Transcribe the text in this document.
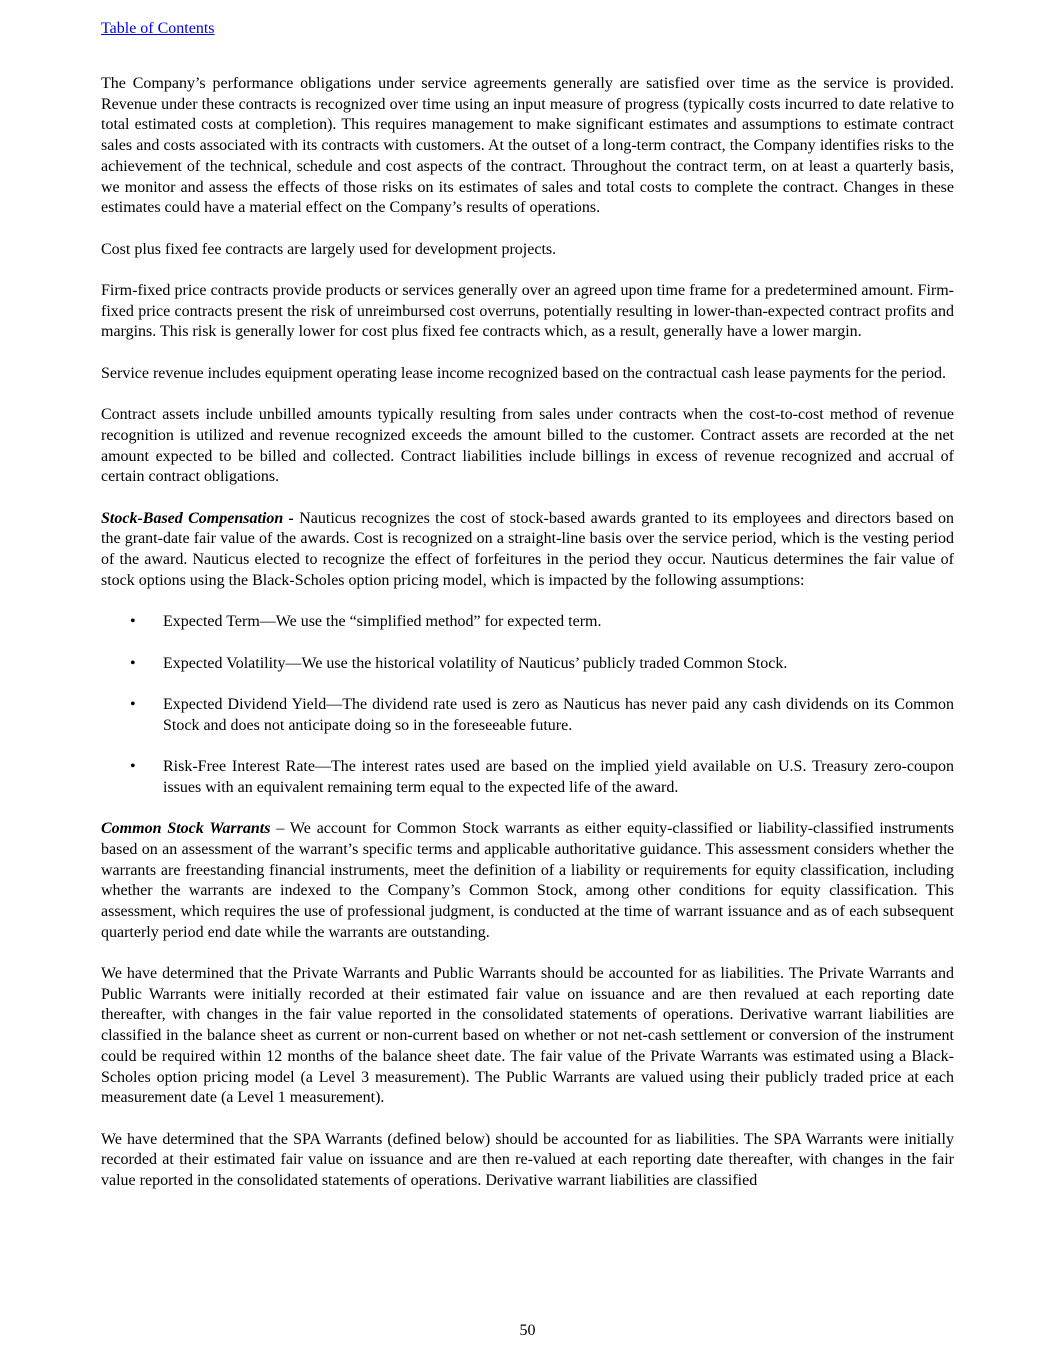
Table of Contents

The Company’s performance obligations under service agreements generally are satisfied over time as the service is provided. Revenue under these contracts is recognized over time using an input measure of progress (typically costs incurred to date relative to total estimated costs at completion). This requires management to make significant estimates and assumptions to estimate contract sales and costs associated with its contracts with customers. At the outset of a long-term contract, the Company identifies risks to the achievement of the technical, schedule and cost aspects of the contract. Throughout the contract term, on at least a quarterly basis, we monitor and assess the effects of those risks on its estimates of sales and total costs to complete the contract. Changes in these estimates could have a material effect on the Company’s results of operations.

Cost plus fixed fee contracts are largely used for development projects.

Firm-fixed price contracts provide products or services generally over an agreed upon time frame for a predetermined amount. Firm-fixed price contracts present the risk of unreimbursed cost overruns, potentially resulting in lower-than-expected contract profits and margins. This risk is generally lower for cost plus fixed fee contracts which, as a result, generally have a lower margin.

Service revenue includes equipment operating lease income recognized based on the contractual cash lease payments for the period.

Contract assets include unbilled amounts typically resulting from sales under contracts when the cost-to-cost method of revenue recognition is utilized and revenue recognized exceeds the amount billed to the customer. Contract assets are recorded at the net amount expected to be billed and collected. Contract liabilities include billings in excess of revenue recognized and accrual of certain contract obligations.

Stock-Based Compensation - Nauticus recognizes the cost of stock-based awards granted to its employees and directors based on the grant-date fair value of the awards. Cost is recognized on a straight-line basis over the service period, which is the vesting period of the award. Nauticus elected to recognize the effect of forfeitures in the period they occur. Nauticus determines the fair value of stock options using the Black-Scholes option pricing model, which is impacted by the following assumptions:

• Expected Term—We use the “simplified method” for expected term.
• Expected Volatility—We use the historical volatility of Nauticus’ publicly traded Common Stock.
• Expected Dividend Yield—The dividend rate used is zero as Nauticus has never paid any cash dividends on its Common Stock and does not anticipate doing so in the foreseeable future.
• Risk-Free Interest Rate—The interest rates used are based on the implied yield available on U.S. Treasury zero-coupon issues with an equivalent remaining term equal to the expected life of the award.

Common Stock Warrants – We account for Common Stock warrants as either equity-classified or liability-classified instruments based on an assessment of the warrant’s specific terms and applicable authoritative guidance. This assessment considers whether the warrants are freestanding financial instruments, meet the definition of a liability or requirements for equity classification, including whether the warrants are indexed to the Company’s Common Stock, among other conditions for equity classification. This assessment, which requires the use of professional judgment, is conducted at the time of warrant issuance and as of each subsequent quarterly period end date while the warrants are outstanding.

We have determined that the Private Warrants and Public Warrants should be accounted for as liabilities. The Private Warrants and Public Warrants were initially recorded at their estimated fair value on issuance and are then revalued at each reporting date thereafter, with changes in the fair value reported in the consolidated statements of operations. Derivative warrant liabilities are classified in the balance sheet as current or non-current based on whether or not net-cash settlement or conversion of the instrument could be required within 12 months of the balance sheet date. The fair value of the Private Warrants was estimated using a Black-Scholes option pricing model (a Level 3 measurement). The Public Warrants are valued using their publicly traded price at each measurement date (a Level 1 measurement).

We have determined that the SPA Warrants (defined below) should be accounted for as liabilities. The SPA Warrants were initially recorded at their estimated fair value on issuance and are then re-valued at each reporting date thereafter, with changes in the fair value reported in the consolidated statements of operations. Derivative warrant liabilities are classified

50
